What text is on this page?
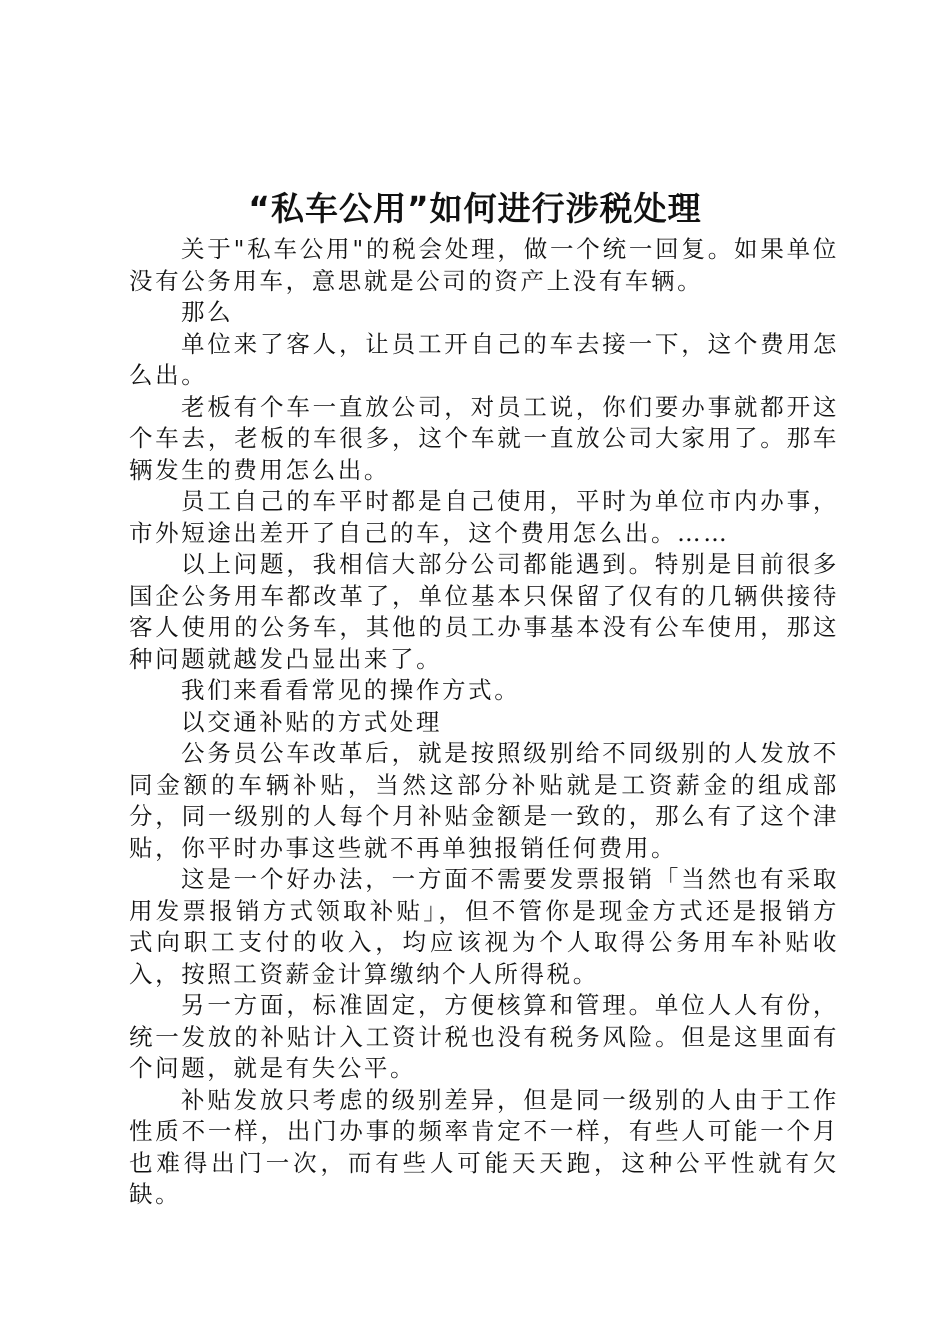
“私车公用”如何进行涉税处理

关于"私车公用"的税会处理，做一个统一回复。如果单位没有公务用车，意思就是公司的资产上没有车辆。

那么

单位来了客人，让员工开自己的车去接一下，这个费用怎么出。

老板有个车一直放公司，对员工说，你们要办事就都开这个车去，老板的车很多，这个车就一直放公司大家用了。那车辆发生的费用怎么出。

员工自己的车平时都是自己使用，平时为单位市内办事，市外短途出差开了自己的车，这个费用怎么出。……

以上问题，我相信大部分公司都能遇到。特别是目前很多国企公务用车都改革了，单位基本只保留了仅有的几辆供接待客人使用的公务车，其他的员工办事基本没有公车使用，那这种问题就越发凸显出来了。

我们来看看常见的操作方式。

以交通补贴的方式处理

公务员公车改革后，就是按照级别给不同级别的人发放不同金额的车辆补贴，当然这部分补贴就是工资薪金的组成部分，同一级别的人每个月补贴金额是一致的，那么有了这个津贴，你平时办事这些就不再单独报销任何费用。

这是一个好办法，一方面不需要发票报销「当然也有采取用发票报销方式领取补贴」，但不管你是现金方式还是报销方式向职工支付的收入，均应该视为个人取得公务用车补贴收入，按照工资薪金计算缴纳个人所得税。

另一方面，标准固定，方便核算和管理。单位人人有份，统一发放的补贴计入工资计税也没有税务风险。但是这里面有个问题，就是有失公平。

补贴发放只考虑的级别差异，但是同一级别的人由于工作性质不一样，出门办事的频率肯定不一样，有些人可能一个月也难得出门一次，而有些人可能天天跑，这种公平性就有欠缺。
